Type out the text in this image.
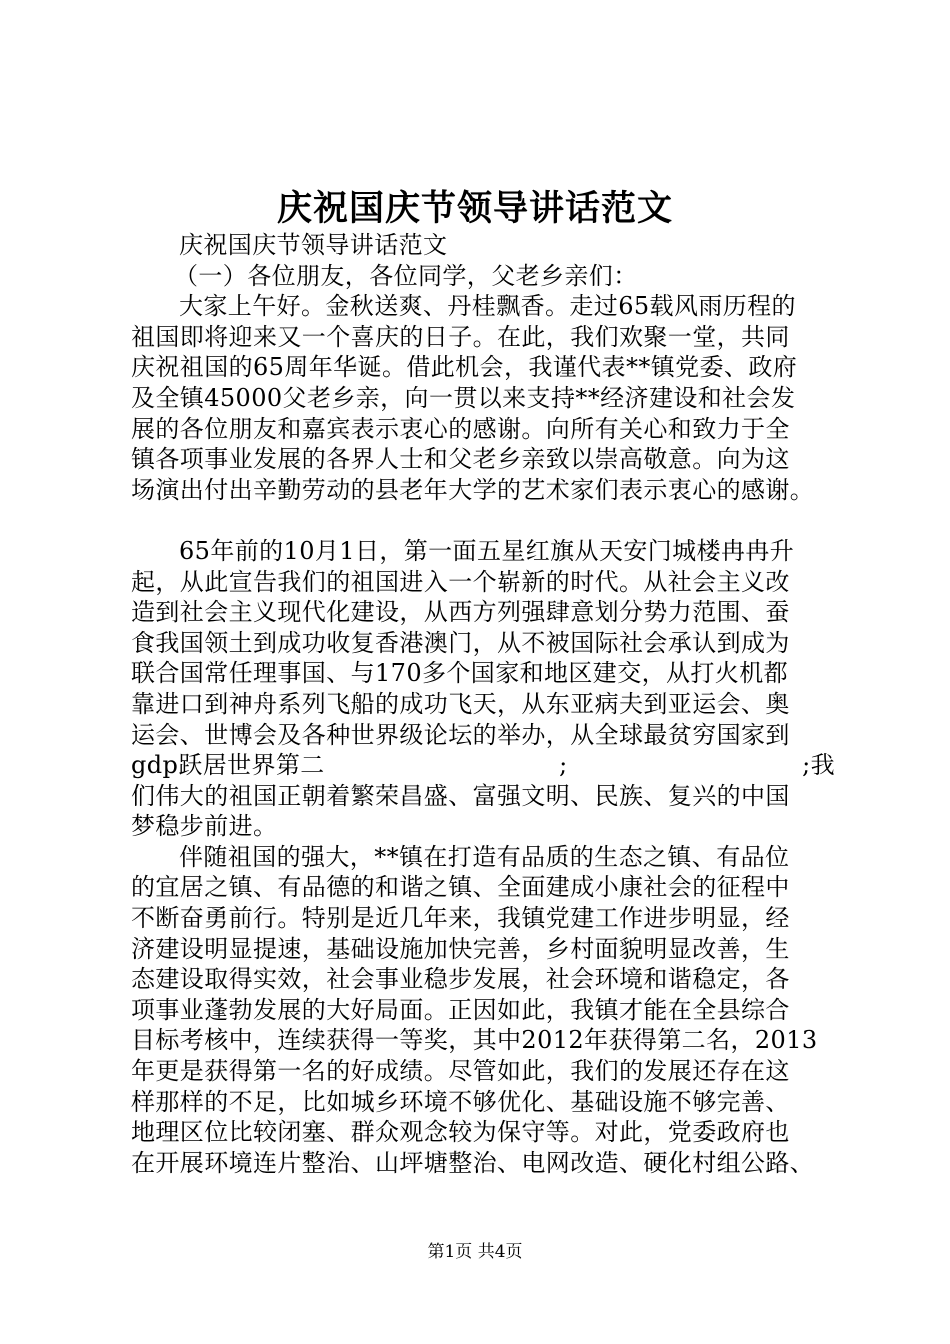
庆祝国庆节领导讲话范文
庆祝国庆节领导讲话范文
（一）各位朋友，各位同学，父老乡亲们：
大家上午好。金秋送爽、丹桂飘香。走过65载风雨历程的
祖国即将迎来又一个喜庆的日子。在此，我们欢聚一堂，共同
庆祝祖国的65周年华诞。借此机会，我谨代表**镇党委、政府
及全镇45000父老乡亲，向一贯以来支持**经济建设和社会发
展的各位朋友和嘉宾表示衷心的感谢。向所有关心和致力于全
镇各项事业发展的各界人士和父老乡亲致以崇高敬意。向为这
场演出付出辛勤劳动的县老年大学的艺术家们表示衷心的感谢。
65年前的10月1日，第一面五星红旗从天安门城楼冉冉升
起，从此宣告我们的祖国进入一个崭新的时代。从社会主义改
造到社会主义现代化建设，从西方列强肆意划分势力范围、蚕
食我国领土到成功收复香港澳门，从不被国际社会承认到成为
联合国常任理事国、与170多个国家和地区建交，从打火机都
靠进口到神舟系列飞船的成功飞天，从东亚病夫到亚运会、奥
运会、世博会及各种世界级论坛的举办，从全球最贫穷国家到
gdp跃居世界第二	;	;我
们伟大的祖国正朝着繁荣昌盛、富强文明、民族、复兴的中国
梦稳步前进。
伴随祖国的强大，**镇在打造有品质的生态之镇、有品位
的宜居之镇、有品德的和谐之镇、全面建成小康社会的征程中
不断奋勇前行。特别是近几年来，我镇党建工作进步明显，经
济建设明显提速，基础设施加快完善，乡村面貌明显改善，生
态建设取得实效，社会事业稳步发展，社会环境和谐稳定，各
项事业蓬勃发展的大好局面。正因如此，我镇才能在全县综合
目标考核中，连续获得一等奖，其中2012年获得第二名，2013
年更是获得第一名的好成绩。尽管如此，我们的发展还存在这
样那样的不足，比如城乡环境不够优化、基础设施不够完善、
地理区位比较闭塞、群众观念较为保守等。对此，党委政府也
在开展环境连片整治、山坪塘整治、电网改造、硬化村组公路、
第1页 共4页
